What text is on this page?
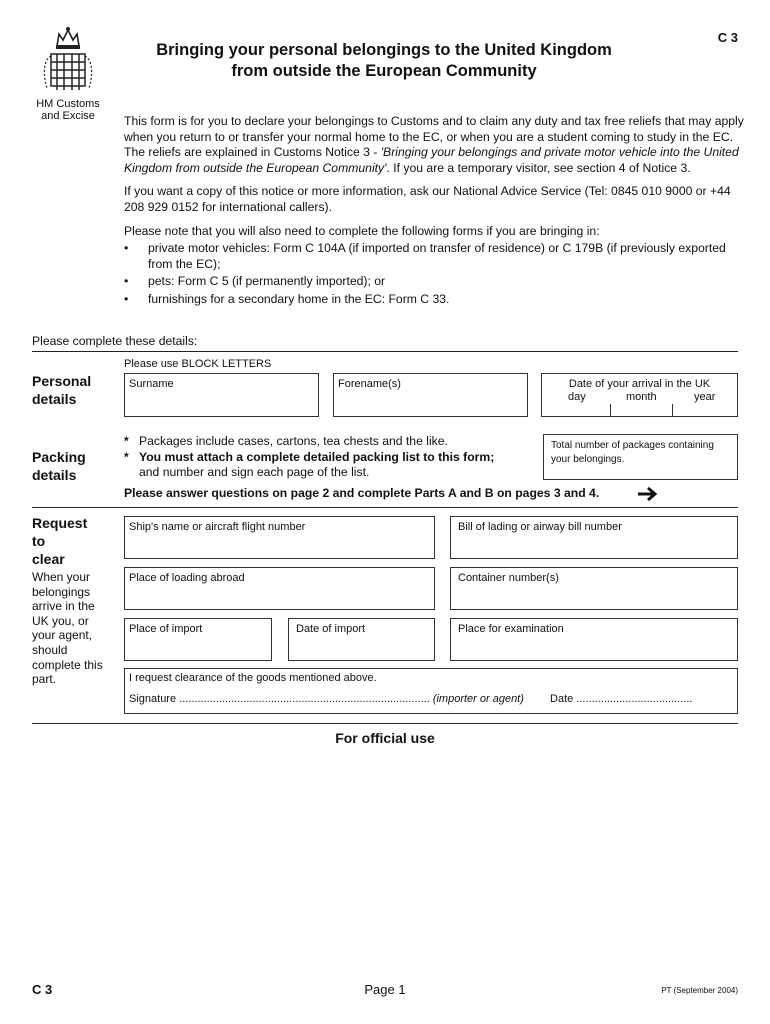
C 3
HM Customs
and Excise
Bringing your personal belongings to the United Kingdom
from outside the European Community

This form is for you to declare your belongings to Customs and to claim any duty and tax free reliefs that may apply when you return to or transfer your normal home to the EC, or when you are a student coming to study in the EC. The reliefs are explained in Customs Notice 3 - 'Bringing your belongings and private motor vehicle into the United Kingdom from outside the European Community'. If you are a temporary visitor, see section 4 of Notice 3.

If you want a copy of this notice or more information, ask our National Advice Service (Tel: 0845 010 9000 or +44 208 929 0152 for international callers).

Please note that you will also need to complete the following forms if you are bringing in:

• private motor vehicles: Form C 104A (if imported on transfer of residence) or C 179B (if previously exported from the EC);
• pets: Form C 5 (if permanently imported); or
• furnishings for a secondary home in the EC: Form C 33.
Please complete these details:
Personal
details
Please use BLOCK LETTERS
Surname	Forename(s)	Date of your arrival in the UK
day	month	year
Packing
details
* Packages include cases, cartons, tea chests and the like.
* You must attach a complete detailed packing list to this form;
and number and sign each page of the list.
Total number of packages containing your belongings.
Please answer questions on page 2 and complete Parts A and B on pages 3 and 4.
Request
to
clear
When your belongings arrive in the UK you, or your agent, should complete this part.
Ship's name or aircraft flight number	Bill of lading or airway bill number
Place of loading abroad	Container number(s)
Place of import	Date of import	Place for examination
I request clearance of the goods mentioned above.
Signature .................................................................................. (importer or agent) Date ......................................
For official use
C 3	Page 1	PT (September 2004)
